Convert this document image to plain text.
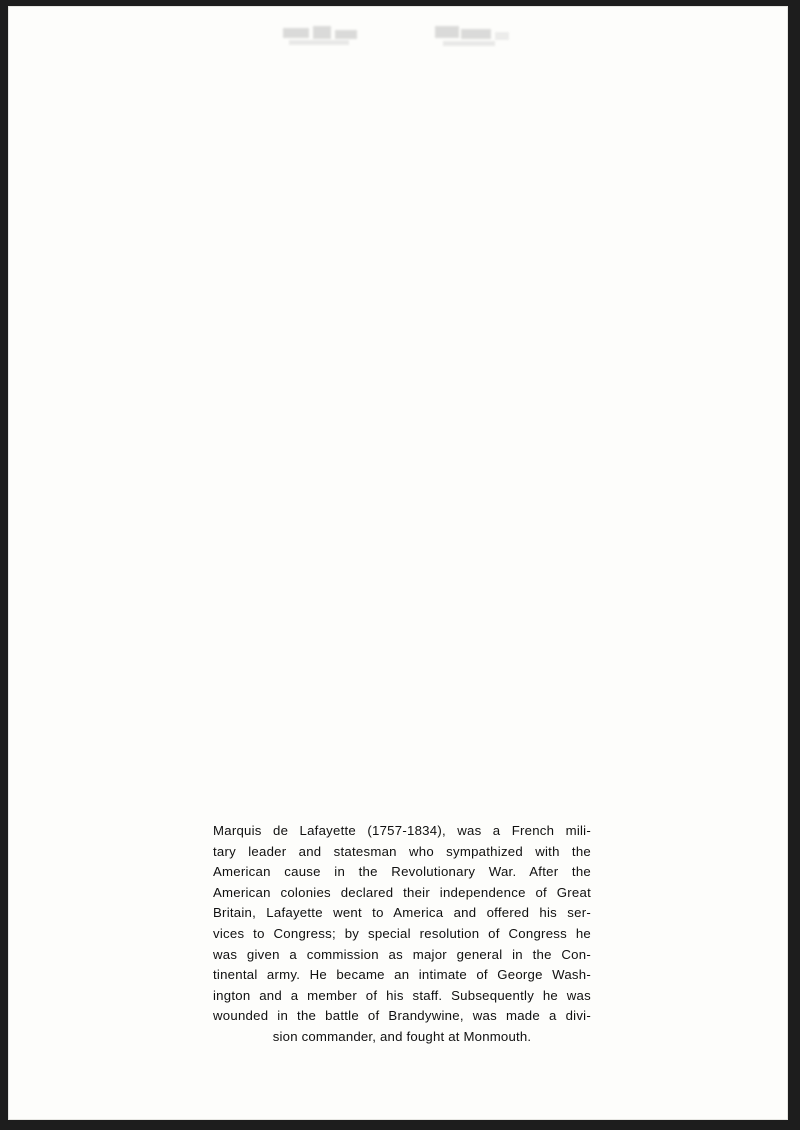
Marquis de Lafayette (1757-1834), was a French mili-
tary leader and statesman who sympathized with the
American cause in the Revolutionary War. After the
American colonies declared their independence of Great
Britain, Lafayette went to America and offered his ser-
vices to Congress; by special resolution of Congress he
was given a commission as major general in the Con-
tinental army. He became an intimate of George Wash-
ington and a member of his staff. Subsequently he was
wounded in the battle of Brandywine, was made a divi-
sion commander, and fought at Monmouth.
